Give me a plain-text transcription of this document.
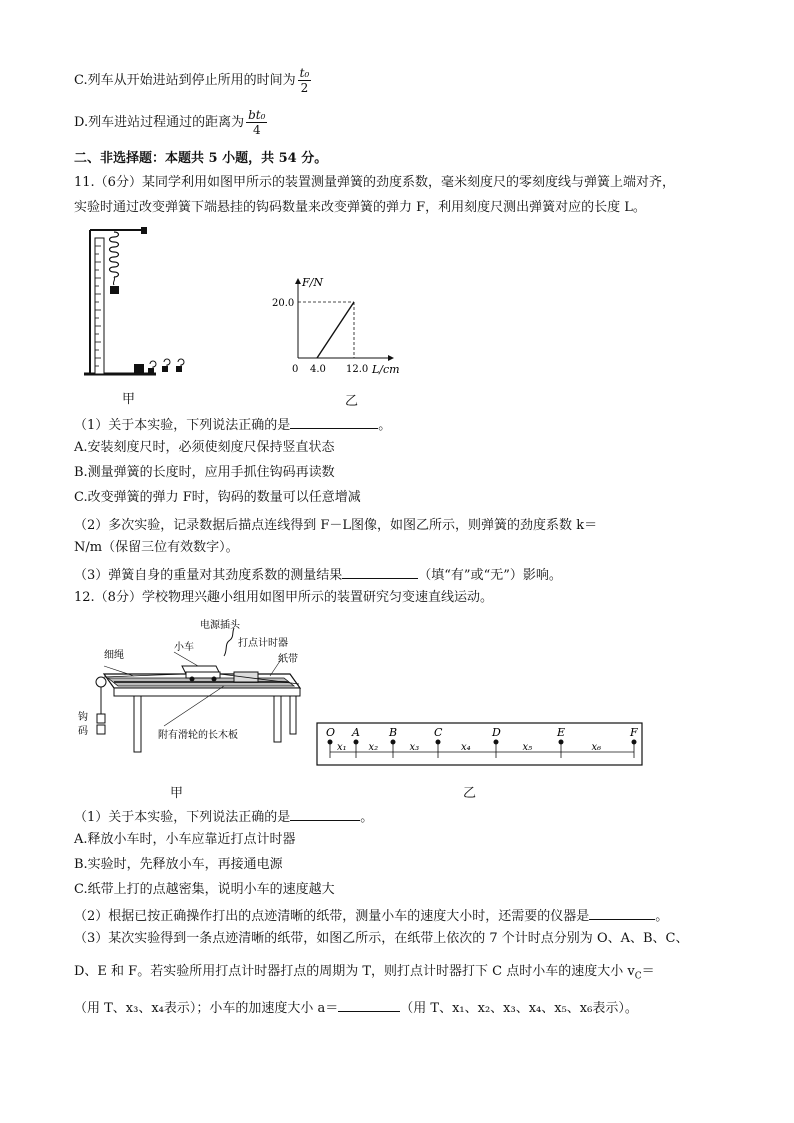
C.列车从开始进站到停止所用的时间为 $\frac{\text{t₀}}{2}$
D.列车进站过程通过的距离为 $\frac{\text{bt₀}}{4}$
二、非选择题：本题共 5 小题，共 54 分。
11.（6分）某同学利用如图甲所示的装置测量弹簧的劲度系数，毫米刻度尺的零刻度线与弹簧上端对齐，
实验时通过改变弹簧下端悬挂的钩码数量来改变弹簧的弹力 F，利用刻度尺测出弹簧对应的长度 L。
甲
F/N
L/cm
0 4.0 12.0
20.0
乙
（1）关于本实验，下列说法正确的是	。
A.安装刻度尺时，必须使刻度尺保持竖直状态
B.测量弹簧的长度时，应用手抓住钩码再读数
C.改变弹簧的弹力 F时，钩码的数量可以任意增减
（2）多次实验，记录数据后描点连线得到 F－L图像，如图乙所示，则弹簧的劲度系数 k＝
N/m（保留三位有效数字）。
（3）弹簧自身的重量对其劲度系数的测量结果	（填“有”或“无”）影响。
12.（8分）学校物理兴趣小组用如图甲所示的装置研究匀变速直线运动。
电源插头
打点计时器
细绳
小车
纸带
钩
码	附有滑轮的长木板
甲
O A	B	C	D	E	F
x₁ x₂	x₃	x₄	x₅	x₆
乙
（1）关于本实验，下列说法正确的是	。
A.释放小车时，小车应靠近打点计时器
B.实验时，先释放小车，再接通电源
C.纸带上打的点越密集，说明小车的速度越大
（2）根据已按正确操作打出的点迹清晰的纸带，测量小车的速度大小时，还需要的仪器是	。
（3）某次实验得到一条点迹清晰的纸带，如图乙所示，在纸带上依次的 7 个计时点分别为 O、A、B、C、
D、E 和 F。若实验所用打点计时器打点的周期为 T，则打点计时器打下 C 点时小车的速度大小 $v_C=$
（用 T、x₃、x₄表示）；小车的加速度大小 a＝	（用 T、x₁、x₂、x₃、x₄、x₅、x₆表示）。
